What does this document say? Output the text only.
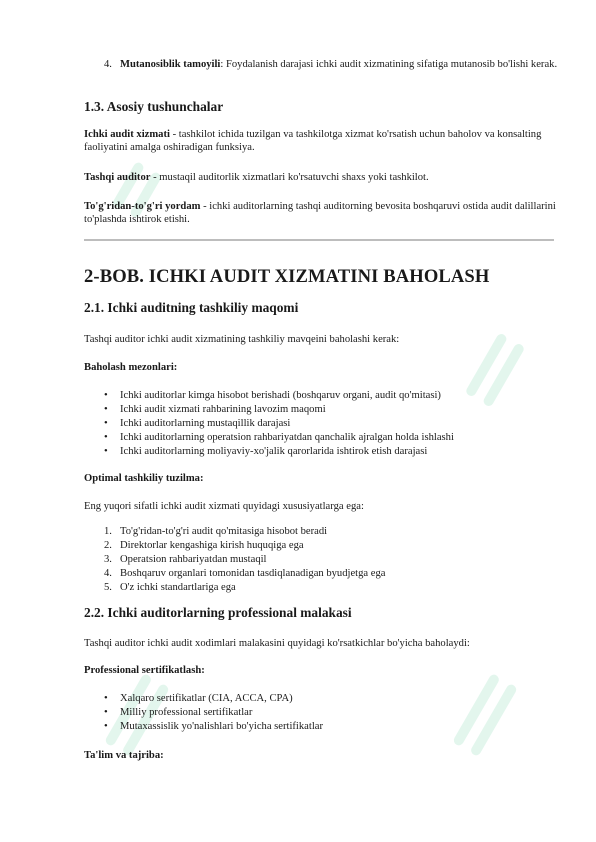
4. Mutanosiblik tamoyili: Foydalanish darajasi ichki audit xizmatining sifatiga mutanosib bo'lishi kerak.
1.3. Asosiy tushunchalar

Ichki audit xizmati - tashkilot ichida tuzilgan va tashkilotga xizmat ko'rsatish uchun baholov va konsalting faoliyatini amalga oshiradigan funksiya.

Tashqi auditor - mustaqil auditorlik xizmatlari ko'rsatuvchi shaxs yoki tashkilot.

To'g'ridan-to'g'ri yordam - ichki auditorlarning tashqi auditorning bevosita boshqaruvi ostida audit dalillarini to'plashda ishtirok etishi.

2-BOB. ICHKI AUDIT XIZMATINI BAHOLASH
2.1. Ichki auditning tashkiliy maqomi

Tashqi auditor ichki audit xizmatining tashkiliy mavqeini baholashi kerak:

Baholash mezonlari:

• Ichki auditorlar kimga hisobot berishadi (boshqaruv organi, audit qo'mitasi)
• Ichki audit xizmati rahbarining lavozim maqomi
• Ichki auditorlarning mustaqillik darajasi
• Ichki auditorlarning operatsion rahbariyatdan qanchalik ajralgan holda ishlashi
• Ichki auditorlarning moliyaviy-xo'jalik qarorlarida ishtirok etish darajasi

Optimal tashkiliy tuzilma:

Eng yuqori sifatli ichki audit xizmati quyidagi xususiyatlarga ega:

1. To'g'ridan-to'g'ri audit qo'mitasiga hisobot beradi
2. Direktorlar kengashiga kirish huquqiga ega
3. Operatsion rahbariyatdan mustaqil
4. Boshqaruv organlari tomonidan tasdiqlanadigan byudjetga ega
5. O'z ichki standartlariga ega
2.2. Ichki auditorlarning professional malakasi

Tashqi auditor ichki audit xodimlari malakasini quyidagi ko'rsatkichlar bo'yicha baholaydi:

Professional sertifikatlash:

• Xalqaro sertifikatlar (CIA, ACCA, CPA)
• Milliy professional sertifikatlar
• Mutaxassislik yo'nalishlari bo'yicha sertifikatlar

Ta'lim va tajriba:
